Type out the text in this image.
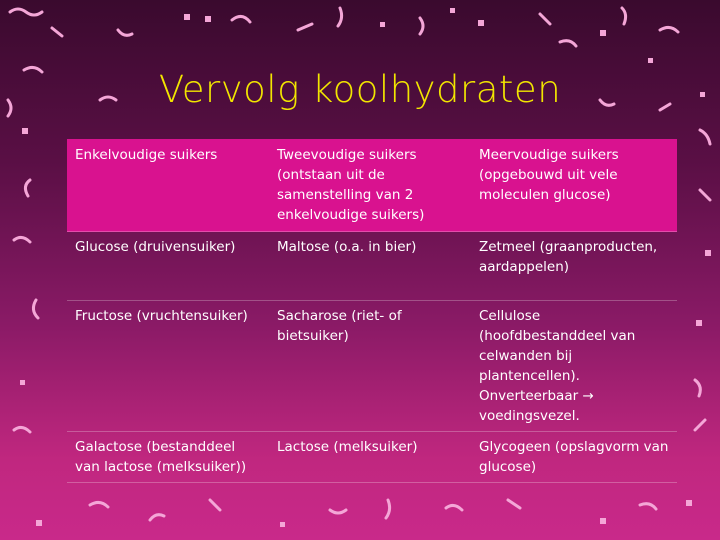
Vervolg koolhydraten
Enkelvoudige suikers	Tweevoudige suikers (ontstaan uit de samenstelling van 2 enkelvoudige suikers)	Meervoudige suikers (opgebouwd uit vele moleculen glucose)
Glucose (druivensuiker)	Maltose (o.a. in bier)	Zetmeel (graanproducten, aardappelen)
Fructose (vruchtensuiker)	Sacharose (riet- of bietsuiker)	Cellulose (hoofdbestanddeel van celwanden bij plantencellen). Onverteerbaar → voedingsvezel.
Galactose (bestanddeel van lactose (melksuiker))	Lactose (melksuiker)	Glycogeen (opslagvorm van glucose)
